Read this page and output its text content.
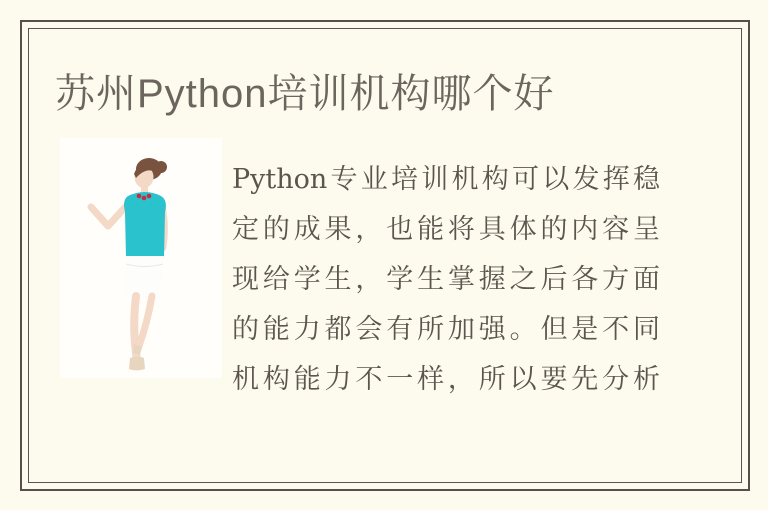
苏州Python培训机构哪个好
Python专业培训机构可以发挥稳
定的成果，也能将具体的内容呈
现给学生，学生掌握之后各方面
的能力都会有所加强。但是不同
机构能力不一样，所以要先分析
